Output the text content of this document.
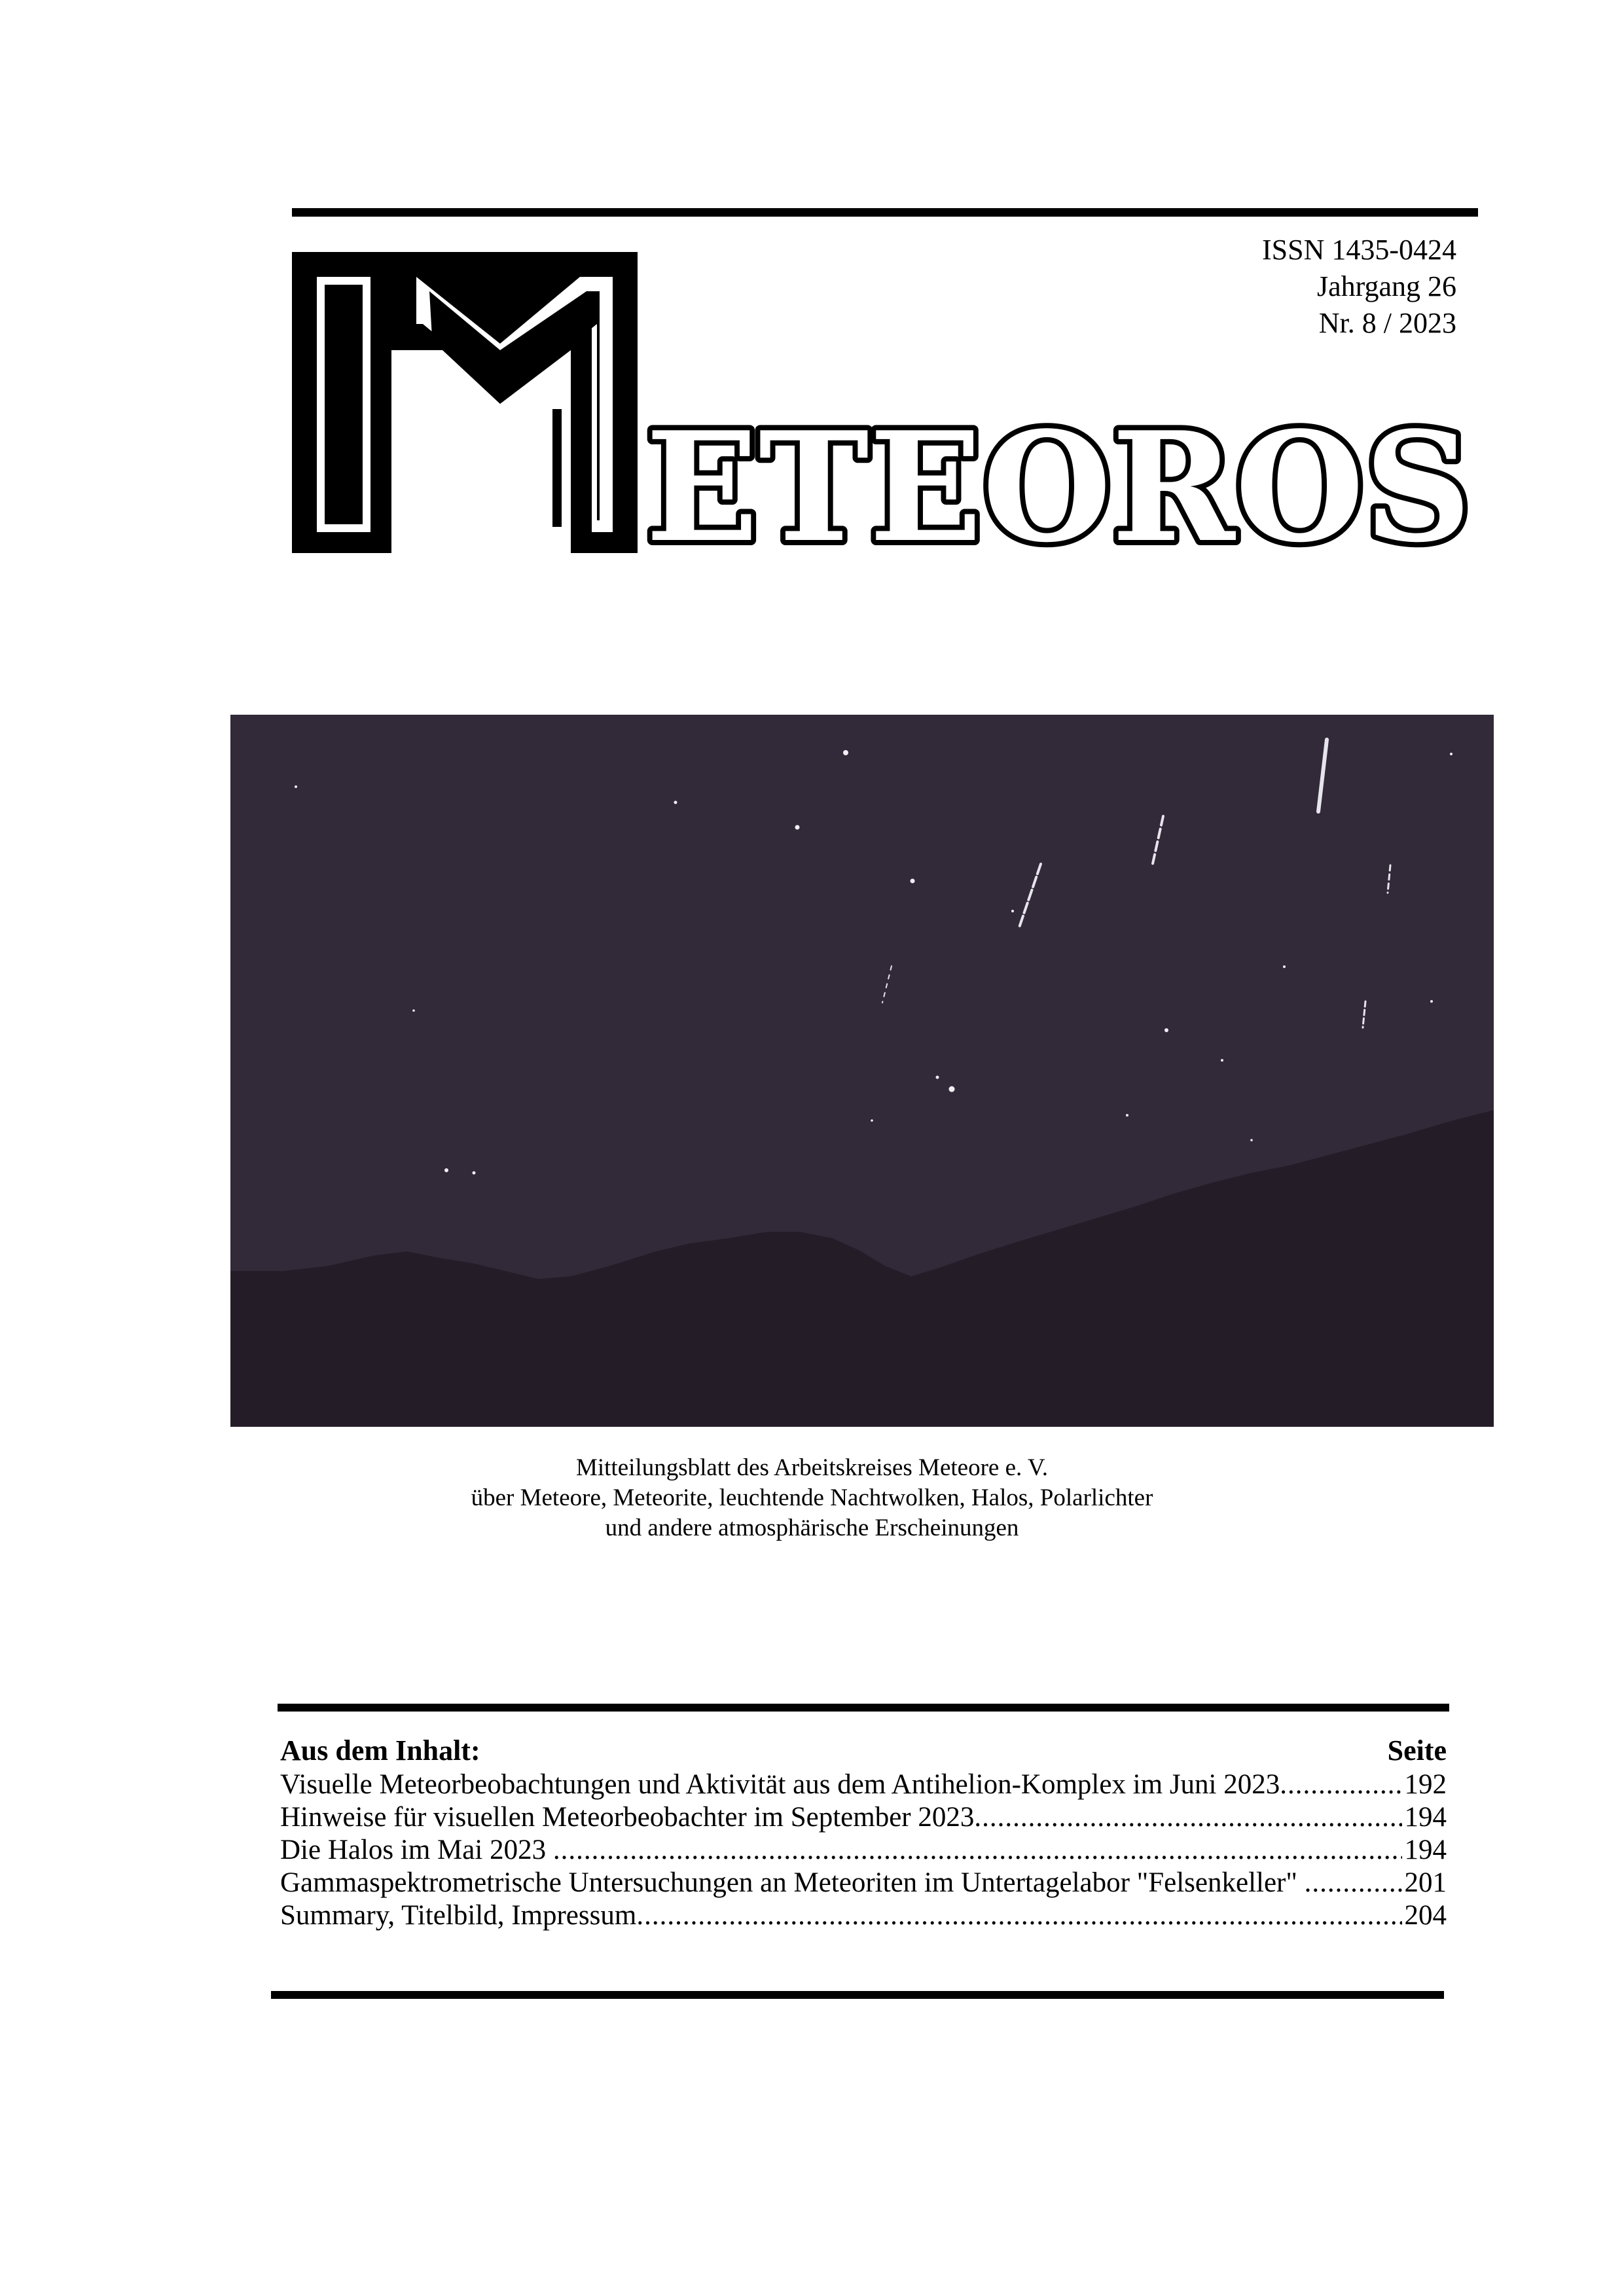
ISSN 1435-0424
Jahrgang 26
Nr. 8 / 2023
ETEOROS
Mitteilungsblatt des Arbeitskreises Meteore e. V.
über Meteore, Meteorite, leuchtende Nachtwolken, Halos, Polarlichter
und andere atmosphärische Erscheinungen
Aus dem Inhalt:	Seite
Visuelle Meteorbeobachtungen und Aktivität aus dem Antihelion-Komplex im Juni 2023 .....	192
Hinweise für visuellen Meteorbeobachter im September 2023 .....	194
Die Halos im Mai 2023 .....	194
Gammaspektrometrische Untersuchungen an Meteoriten im Untertagelabor "Felsenkeller" .....	201
Summary, Titelbild, Impressum .....	204
